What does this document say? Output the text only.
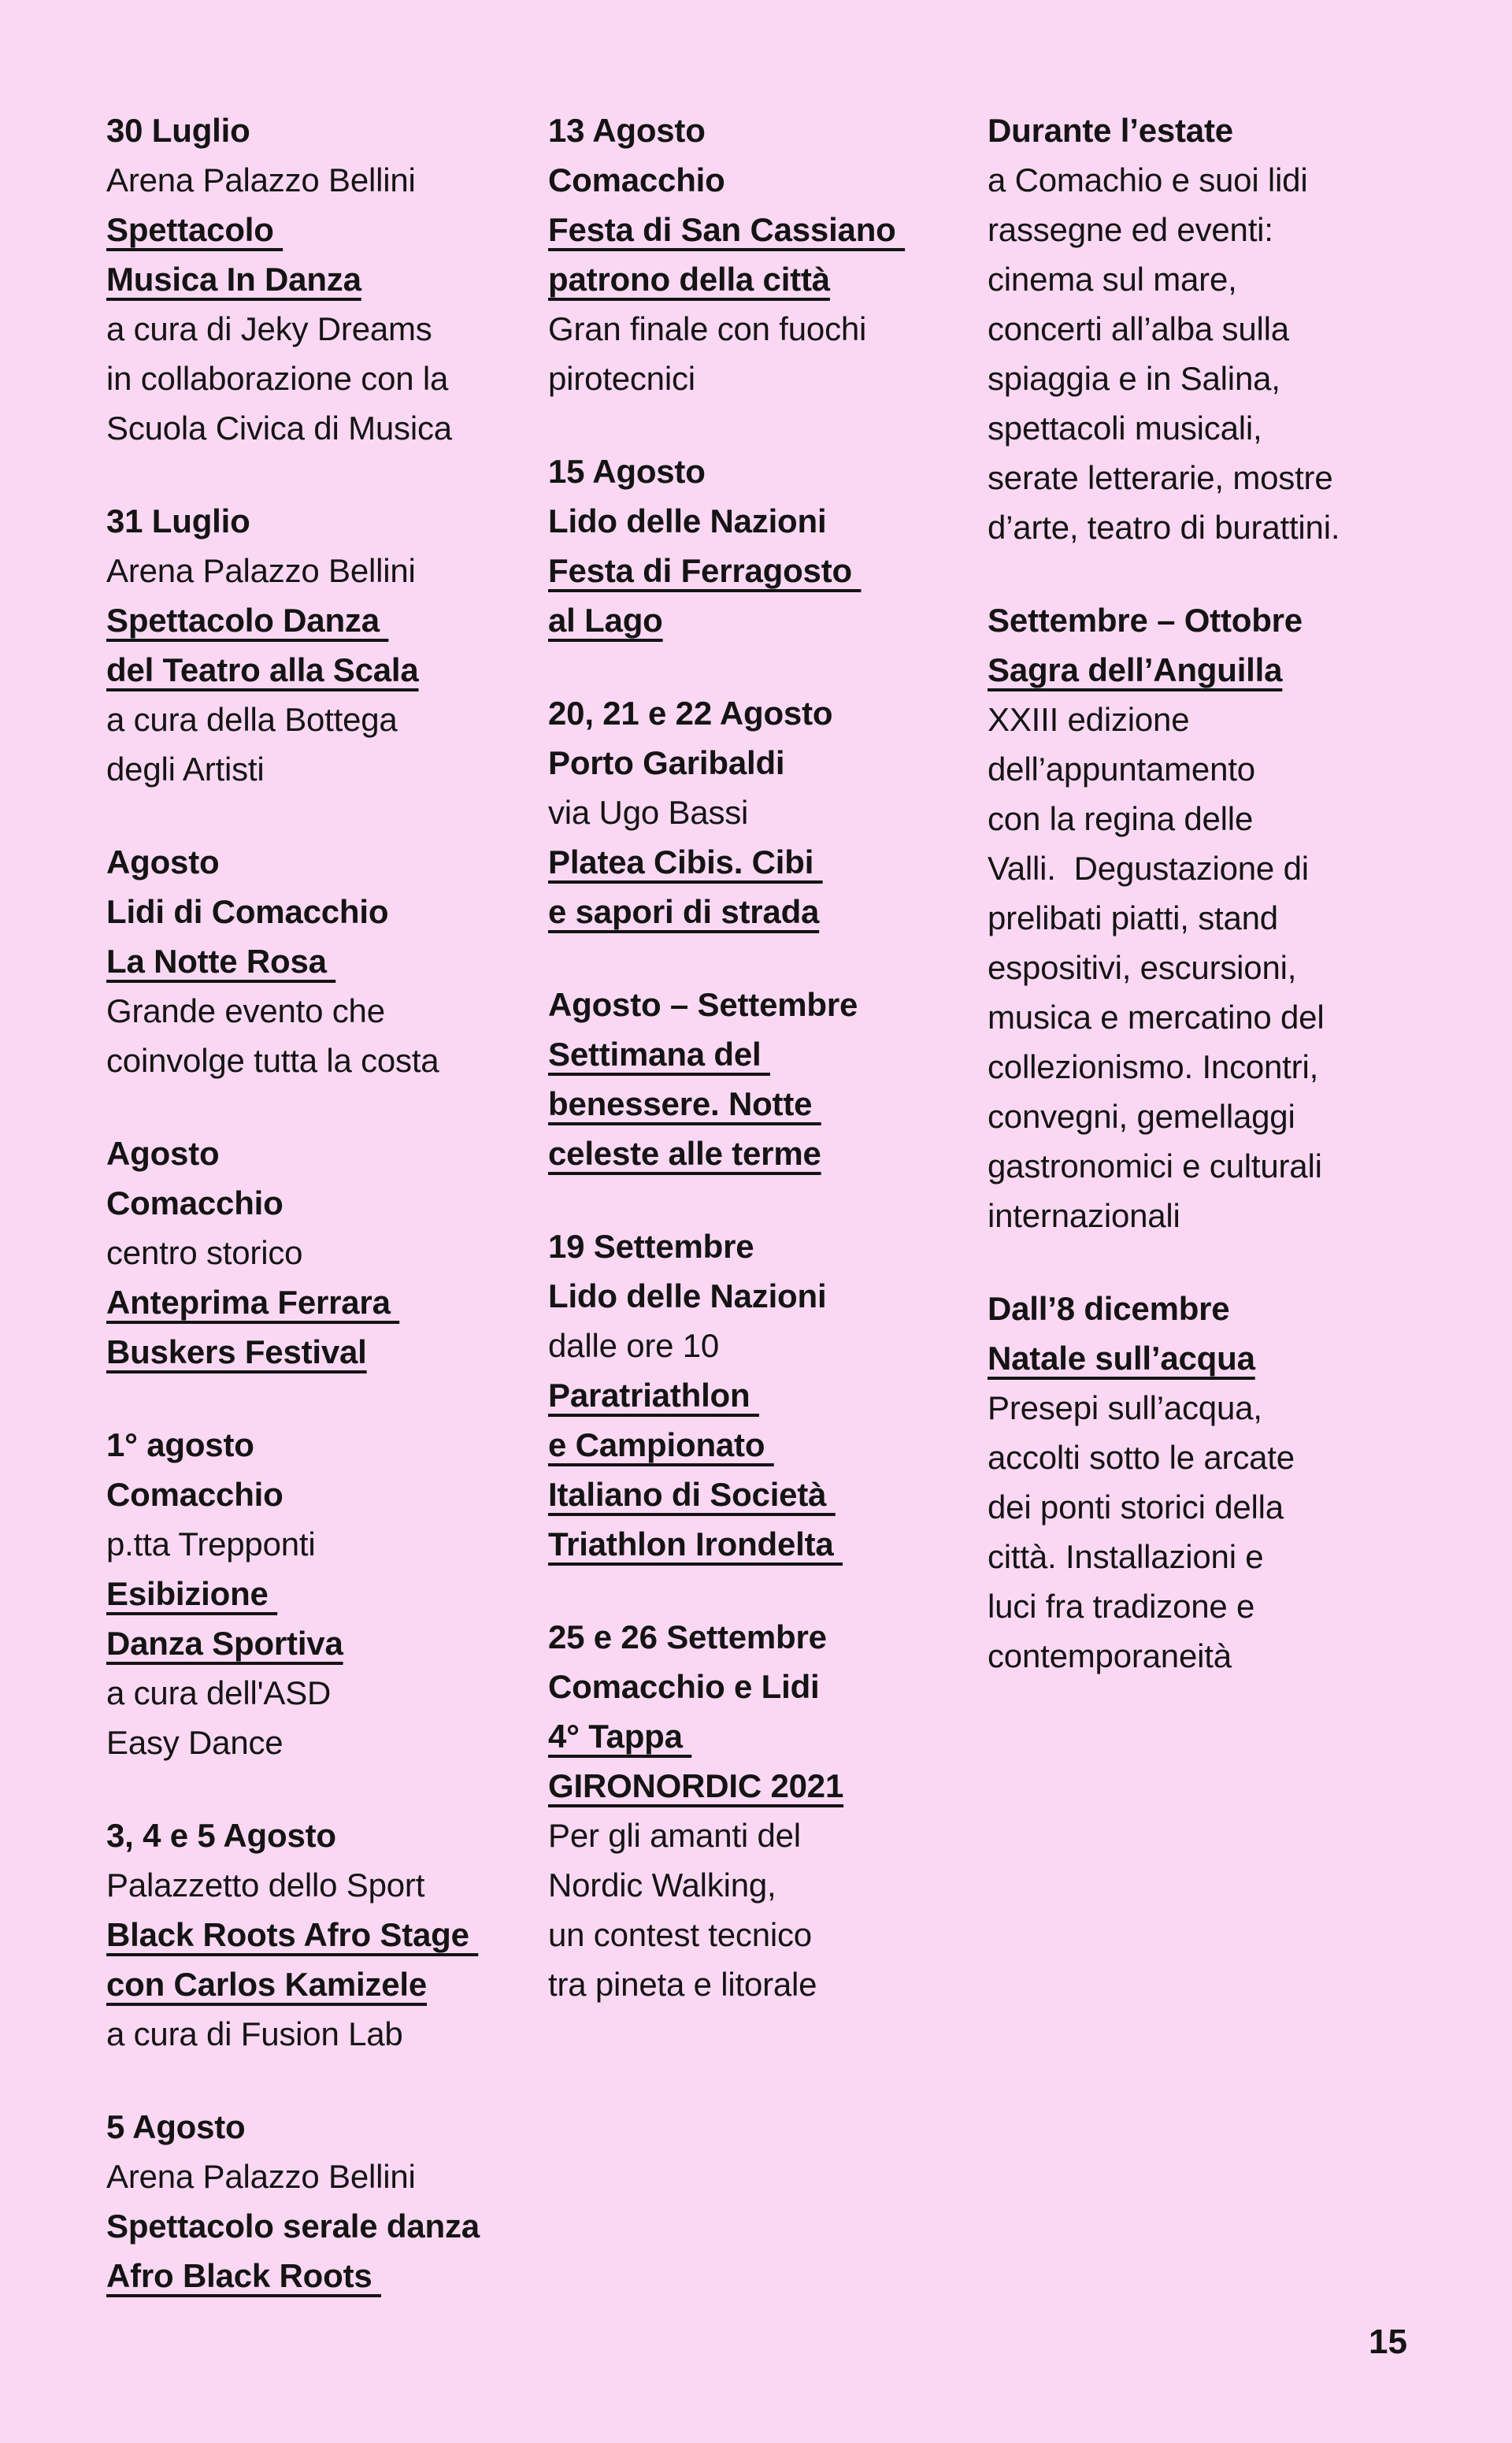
30 Luglio
Arena Palazzo Bellini
Spettacolo
Musica In Danza
a cura di Jeky Dreams
in collaborazione con la
Scuola Civica di Musica
31 Luglio
Arena Palazzo Bellini
Spettacolo Danza
del Teatro alla Scala
a cura della Bottega
degli Artisti
Agosto
Lidi di Comacchio
La Notte Rosa
Grande evento che
coinvolge tutta la costa
Agosto
Comacchio
centro storico
Anteprima Ferrara
Buskers Festival
1° agosto
Comacchio
p.tta Trepponti
Esibizione
Danza Sportiva
a cura dell'ASD
Easy Dance
3, 4 e 5 Agosto
Palazzetto dello Sport
Black Roots Afro Stage
con Carlos Kamizele
a cura di Fusion Lab
5 Agosto
Arena Palazzo Bellini
Spettacolo serale danza
Afro Black Roots
13 Agosto
Comacchio
Festa di San Cassiano
patrono della città
Gran finale con fuochi
pirotecnici
15 Agosto
Lido delle Nazioni
Festa di Ferragosto
al Lago
20, 21 e 22 Agosto
Porto Garibaldi
via Ugo Bassi
Platea Cibis. Cibi
e sapori di strada
Agosto – Settembre
Settimana del
benessere. Notte
celeste alle terme
19 Settembre
Lido delle Nazioni
dalle ore 10
Paratriathlon
e Campionato
Italiano di Società
Triathlon Irondelta
25 e 26 Settembre
Comacchio e Lidi
4° Tappa
GIRONORDIC 2021
Per gli amanti del
Nordic Walking,
un contest tecnico
tra pineta e litorale
Durante l’estate
a Comachio e suoi lidi
rassegne ed eventi:
cinema sul mare,
concerti all’alba sulla
spiaggia e in Salina,
spettacoli musicali,
serate letterarie, mostre
d’arte, teatro di burattini.
Settembre – Ottobre
Sagra dell’Anguilla
XXIII edizione
dell’appuntamento
con la regina delle
Valli.  Degustazione di
prelibati piatti, stand
espositivi, escursioni,
musica e mercatino del
collezionismo. Incontri,
convegni, gemellaggi
gastronomici e culturali
internazionali
Dall’8 dicembre
Natale sull’acqua
Presepi sull’acqua,
accolti sotto le arcate
dei ponti storici della
città. Installazioni e
luci fra tradizone e
contemporaneità
15
